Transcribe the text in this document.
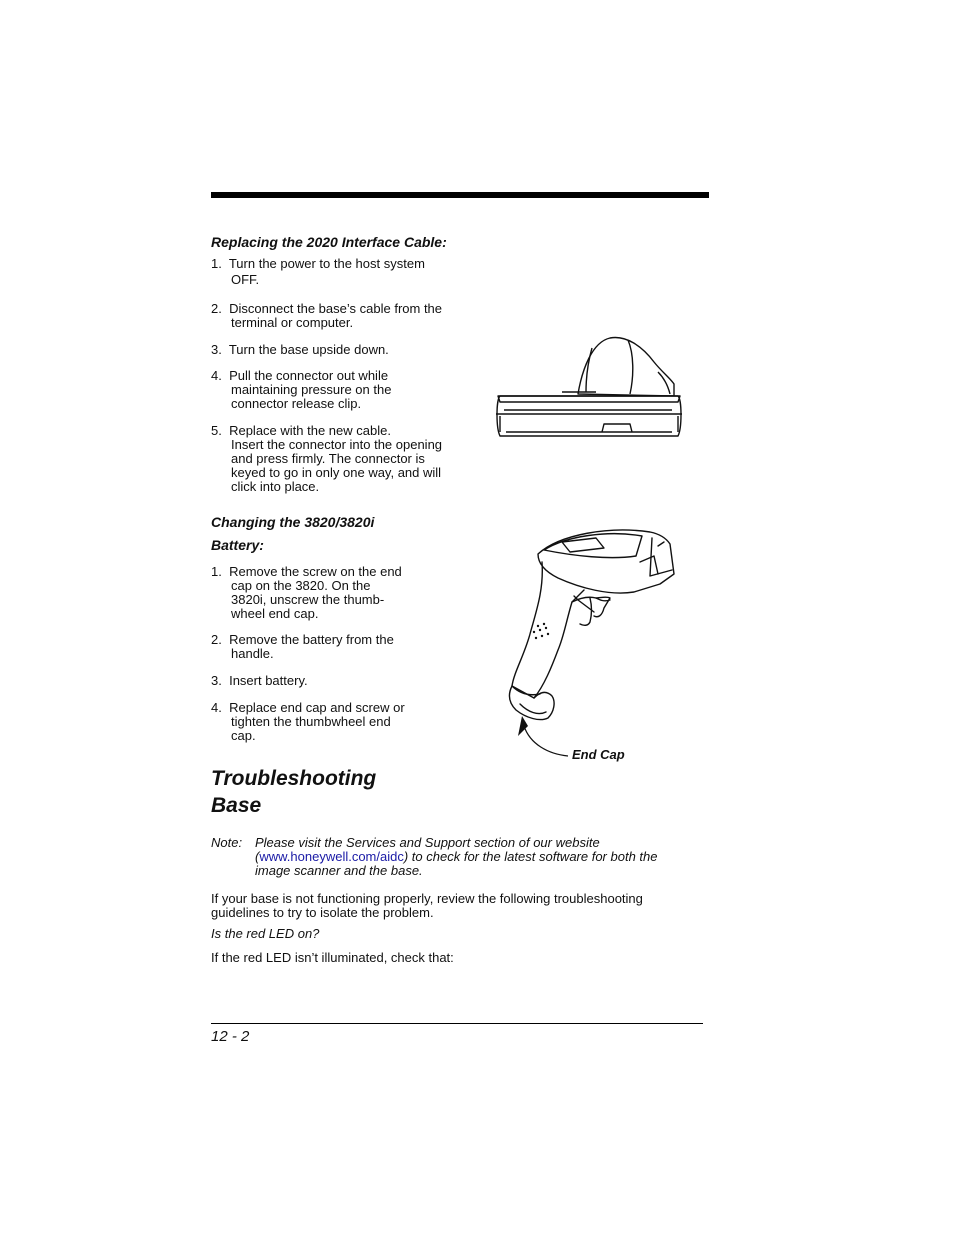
Replacing the 2020 Interface Cable:
1. Turn the power to the host system
OFF.
2. Disconnect the base’s cable from the
terminal or computer.
3. Turn the base upside down.
4. Pull the connector out while
maintaining pressure on the
connector release clip.
5. Replace with the new cable.
Insert the connector into the opening
and press firmly. The connector is
keyed to go in only one way, and will
click into place.
Changing the 3820/3820i
Battery:
1. Remove the screw on the end
cap on the 3820. On the
3820i, unscrew the thumb-
wheel end cap.
2. Remove the battery from the
handle.
3. Insert battery.
4. Replace end cap and screw or
tighten the thumbwheel end
cap.
End Cap
Troubleshooting
Base
Note: Please visit the Services and Support section of our website
(www.honeywell.com/aidc) to check for the latest software for both the
image scanner and the base.
If your base is not functioning properly, review the following troubleshooting
guidelines to try to isolate the problem.
Is the red LED on?
If the red LED isn’t illuminated, check that:
12 - 2
